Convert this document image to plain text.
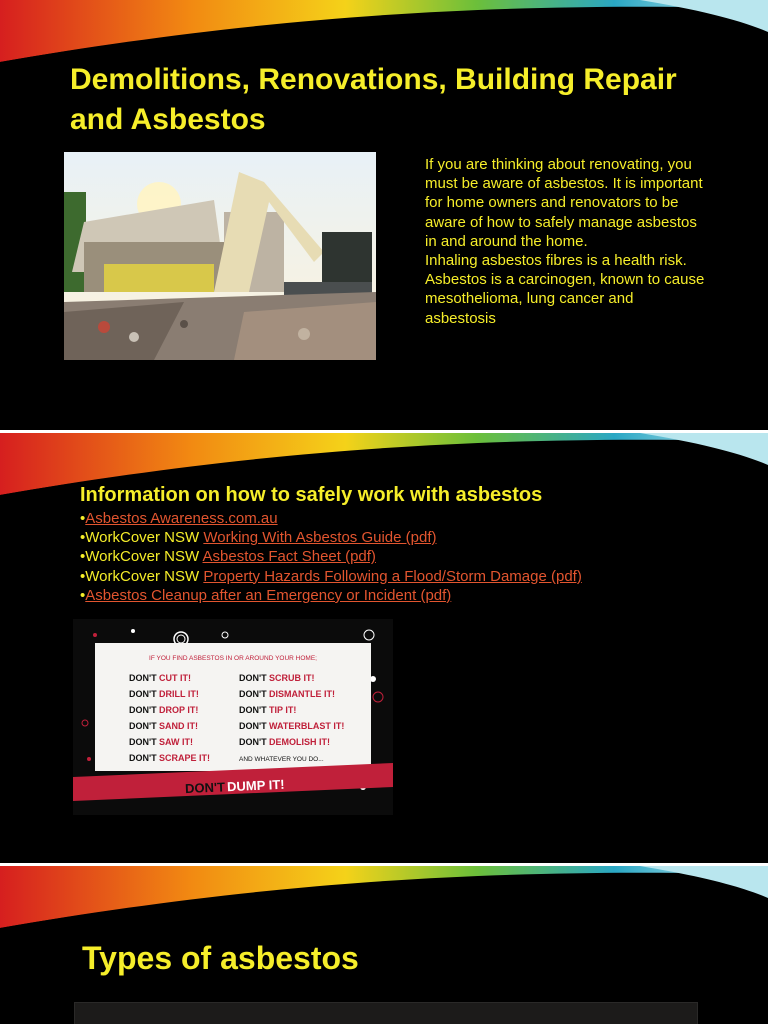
Demolitions, Renovations, Building Repair and Asbestos

If you are thinking about renovating, you must be aware of asbestos. It is important for home owners and renovators to be aware of how to safely manage asbestos in and around the home.

Inhaling asbestos fibres is a health risk. Asbestos is a carcinogen, known to cause mesothelioma, lung cancer and asbestosis

Information on how to safely work with asbestos
•Asbestos Awareness.com.au
•WorkCover NSW Working With Asbestos Guide (pdf)
•WorkCover NSW Asbestos Fact Sheet (pdf)
•WorkCover NSW Property Hazards Following a Flood/Storm Damage (pdf)
•Asbestos Cleanup after an Emergency or Incident (pdf)
IF YOU FIND ASBESTOS IN OR AROUND YOUR HOME;
DON'T CUT IT!
DON'T DRILL IT!
DON'T DROP IT!
DON'T SAND IT!
DON'T SAW IT!
DON'T SCRAPE IT!
DON'T SCRUB IT!
DON'T DISMANTLE IT!
DON'T TIP IT!
DON'T WATERBLAST IT!
DON'T DEMOLISH IT!
AND WHATEVER YOU DO...
DON'T DUMP IT!
Types of asbestos
